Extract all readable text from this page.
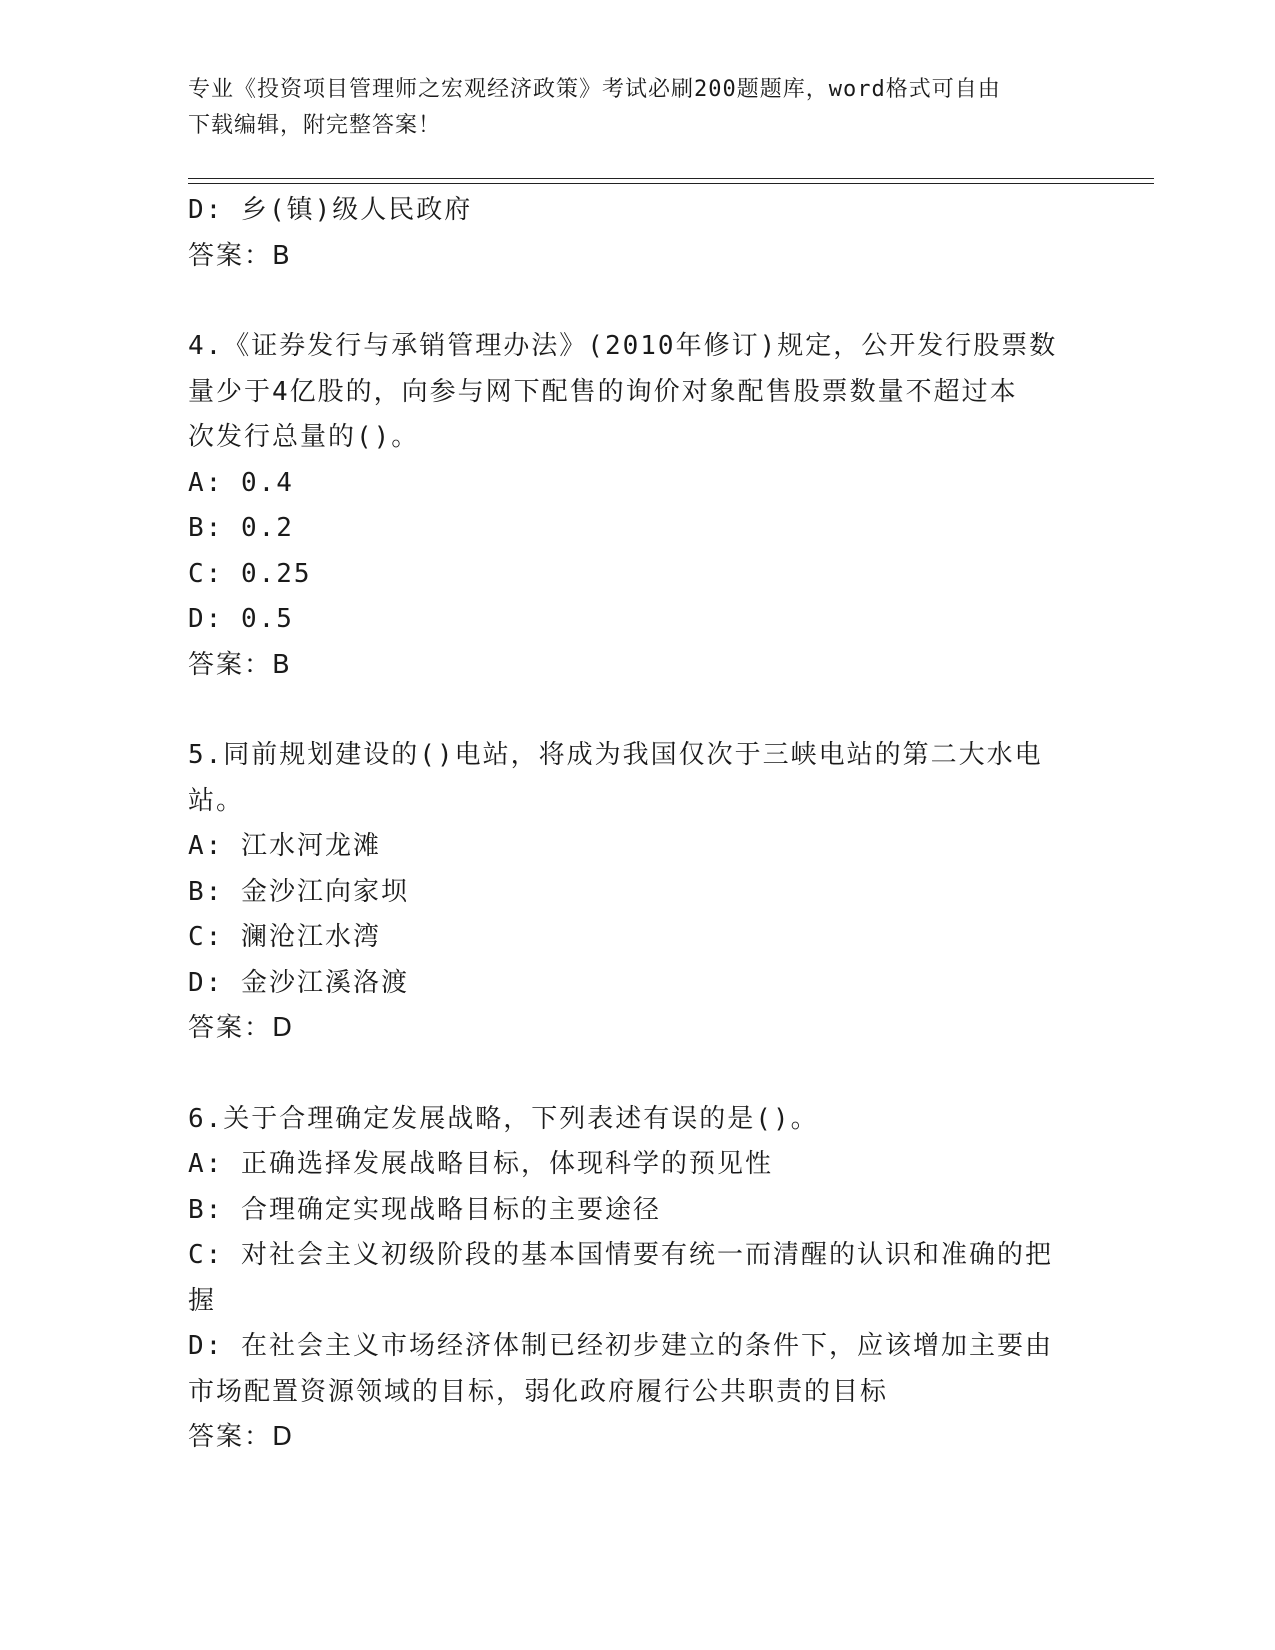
专业《投资项目管理师之宏观经济政策》考试必刷200题题库，word格式可自由
下载编辑，附完整答案！
D: 乡(镇)级人民政府
答案：B
4.《证券发行与承销管理办法》(2010年修订)规定，公开发行股票数
量少于4亿股的，向参与网下配售的询价对象配售股票数量不超过本
次发行总量的()。
A: 0.4
B: 0.2
C: 0.25
D: 0.5
答案：B
5.同前规划建设的()电站，将成为我国仅次于三峡电站的第二大水电
站。
A: 江水河龙滩
B: 金沙江向家坝
C: 澜沧江水湾
D: 金沙江溪洛渡
答案：D
6.关于合理确定发展战略，下列表述有误的是()。
A: 正确选择发展战略目标，体现科学的预见性
B: 合理确定实现战略目标的主要途径
C: 对社会主义初级阶段的基本国情要有统一而清醒的认识和准确的把
握
D: 在社会主义市场经济体制已经初步建立的条件下，应该增加主要由
市场配置资源领域的目标，弱化政府履行公共职责的目标
答案：D
